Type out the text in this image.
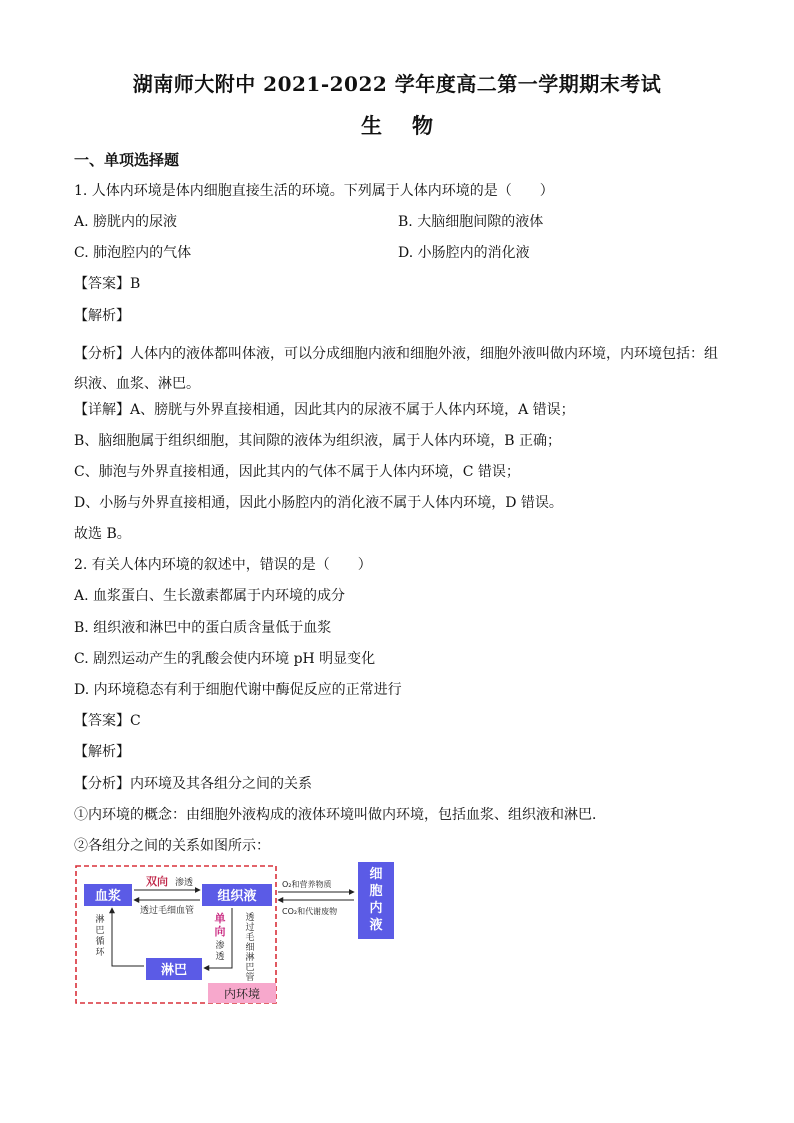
湖南师大附中 2021-2022 学年度高二第一学期期末考试
生物
一、单项选择题
1. 人体内环境是体内细胞直接生活的环境。下列属于人体内环境的是（　　）
A. 膀胱内的尿液	B. 大脑细胞间隙的液体
C. 肺泡腔内的气体	D. 小肠腔内的消化液
【答案】B
【解析】
【分析】人体内的液体都叫体液，可以分成细胞内液和细胞外液，细胞外液叫做内环境，内环境包括：组织液、血浆、淋巴。
【详解】A、膀胱与外界直接相通，因此其内的尿液不属于人体内环境，A 错误；
B、脑细胞属于组织细胞，其间隙的液体为组织液，属于人体内环境，B 正确；
C、肺泡与外界直接相通，因此其内的气体不属于人体内环境，C 错误；
D、小肠与外界直接相通，因此小肠腔内的消化液不属于人体内环境，D 错误。
故选 B。
2. 有关人体内环境的叙述中，错误的是（　　）
A. 血浆蛋白、生长激素都属于内环境的成分
B. 组织液和淋巴中的蛋白质含量低于血浆
C. 剧烈运动产生的乳酸会使内环境 pH 明显变化
D. 内环境稳态有利于细胞代谢中酶促反应的正常进行
【答案】C
【解析】
【分析】内环境及其各组分之间的关系
①内环境的概念：由细胞外液构成的液体环境叫做内环境，包括血浆、组织液和淋巴．
②各组分之间的关系如图所示：
血浆	组织液
淋巴
细
胞
内
液
双向 渗透
透过毛细血管
淋
巴
循
环
单
向
渗
透
透
过
毛
细
淋
巴
管
O₂和营养物质
CO₂和代谢废物
内环境
